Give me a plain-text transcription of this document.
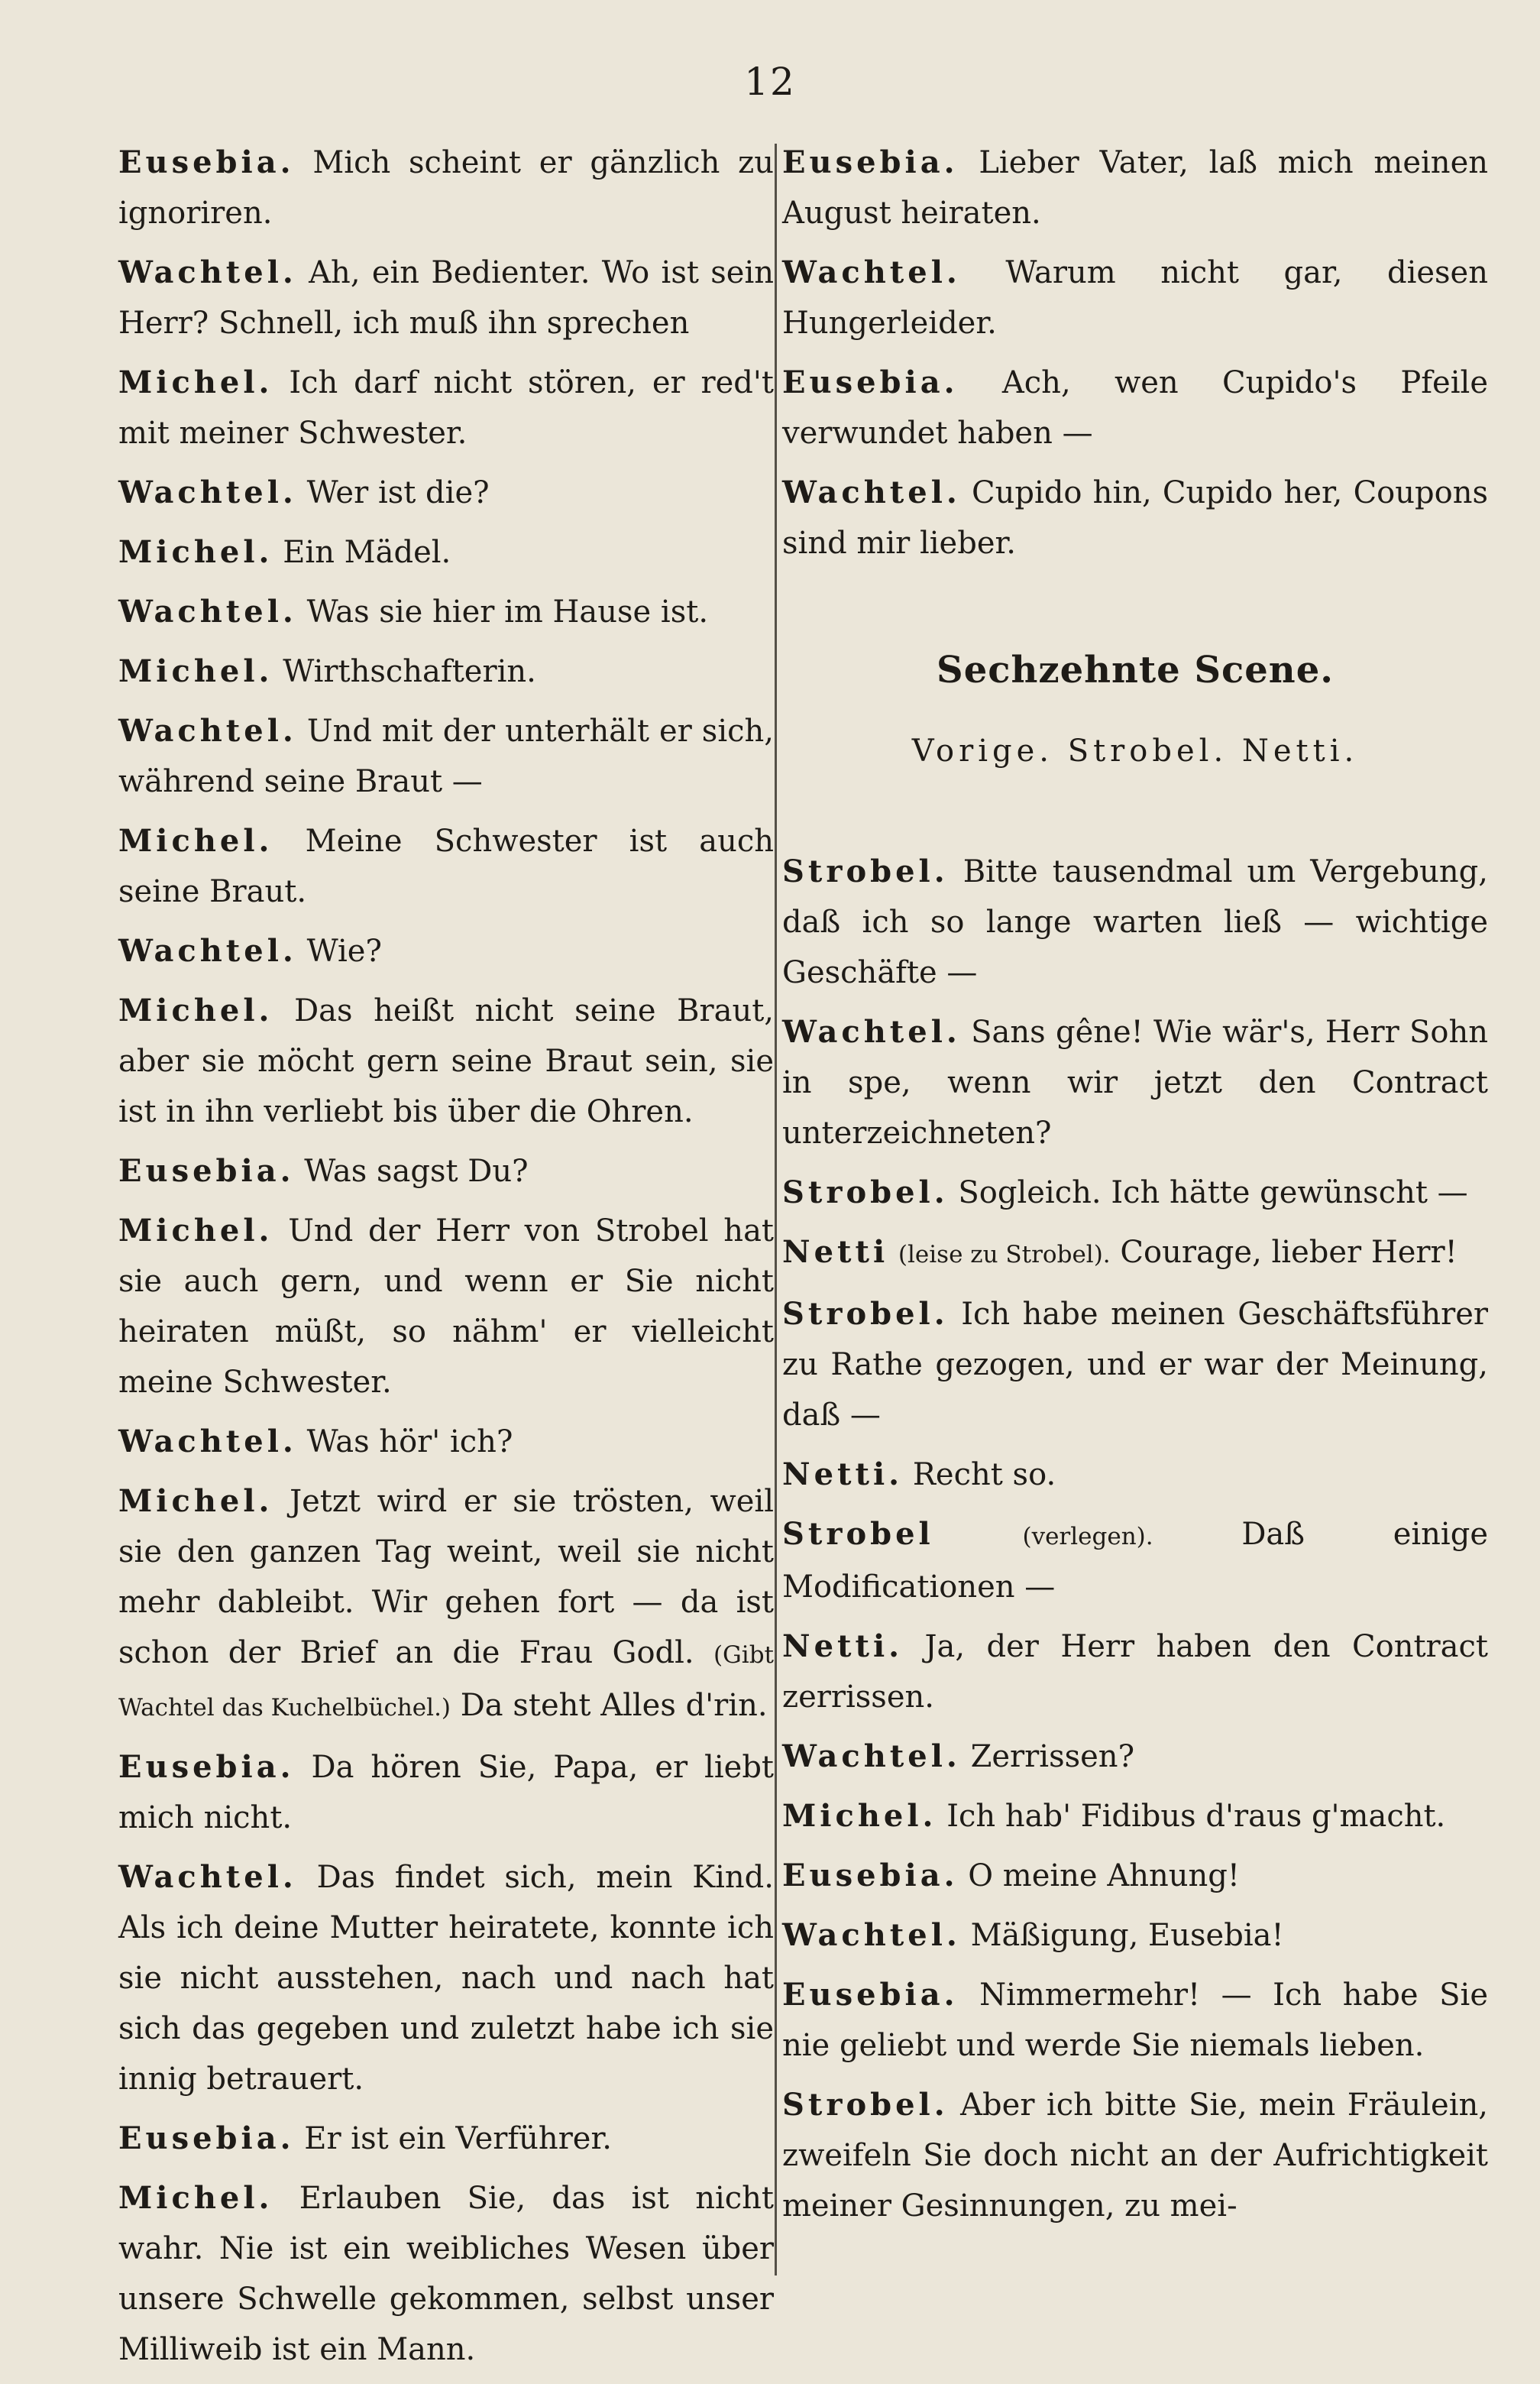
12

Eusebia. Mich scheint er gänzlich zu ignoriren.

Wachtel. Ah, ein Bedienter. Wo ist sein Herr? Schnell, ich muß ihn sprechen

Michel. Ich darf nicht stören, er red't mit meiner Schwester.

Wachtel. Wer ist die?

Michel. Ein Mädel.

Wachtel. Was sie hier im Hause ist.

Michel. Wirthschafterin.

Wachtel. Und mit der unterhält er sich, während seine Braut —

Michel. Meine Schwester ist auch seine Braut.

Wachtel. Wie?

Michel. Das heißt nicht seine Braut, aber sie möcht gern seine Braut sein, sie ist in ihn verliebt bis über die Ohren.

Eusebia. Was sagst Du?

Michel. Und der Herr von Strobel hat sie auch gern, und wenn er Sie nicht heiraten müßt, so nähm' er vielleicht meine Schwester.

Wachtel. Was hör' ich?

Michel. Jetzt wird er sie trösten, weil sie den ganzen Tag weint, weil sie nicht mehr dableibt. Wir gehen fort — da ist schon der Brief an die Frau Godl. (Gibt Wachtel das Kuchelbüchel.) Da steht Alles d'rin.

Eusebia. Da hören Sie, Papa, er liebt mich nicht.

Wachtel. Das findet sich, mein Kind. Als ich deine Mutter heiratete, konnte ich sie nicht ausstehen, nach und nach hat sich das gegeben und zuletzt habe ich sie innig betrauert.

Eusebia. Er ist ein Verführer.

Michel. Erlauben Sie, das ist nicht wahr. Nie ist ein weibliches Wesen über unsere Schwelle gekommen, selbst unser Milliweib ist ein Mann.

Eusebia. Lieber Vater, laß mich meinen August heiraten.

Wachtel. Warum nicht gar, diesen Hungerleider.

Eusebia. Ach, wen Cupido's Pfeile verwundet haben —

Wachtel. Cupido hin, Cupido her, Coupons sind mir lieber.

Sechzehnte Scene.
Vorige. Strobel. Netti.

Strobel. Bitte tausendmal um Vergebung, daß ich so lange warten ließ — wichtige Geschäfte —

Wachtel. Sans gêne! Wie wär's, Herr Sohn in spe, wenn wir jetzt den Contract unterzeichneten?

Strobel. Sogleich. Ich hätte gewünscht —

Netti (leise zu Strobel). Courage, lieber Herr!

Strobel. Ich habe meinen Geschäftsführer zu Rathe gezogen, und er war der Meinung, daß —

Netti. Recht so.

Strobel	(verlegen).	Daß einige Modificationen —

Netti. Ja, der Herr haben den Contract zerrissen.

Wachtel. Zerrissen?

Michel. Ich hab' Fidibus d'raus g'macht.

Eusebia. O meine Ahnung!

Wachtel. Mäßigung, Eusebia!

Eusebia. Nimmermehr! — Ich habe Sie nie geliebt und werde Sie niemals lieben.

Strobel. Aber ich bitte Sie, mein Fräulein, zweifeln Sie doch nicht an der Aufrichtigkeit meiner Gesinnungen, zu mei-
